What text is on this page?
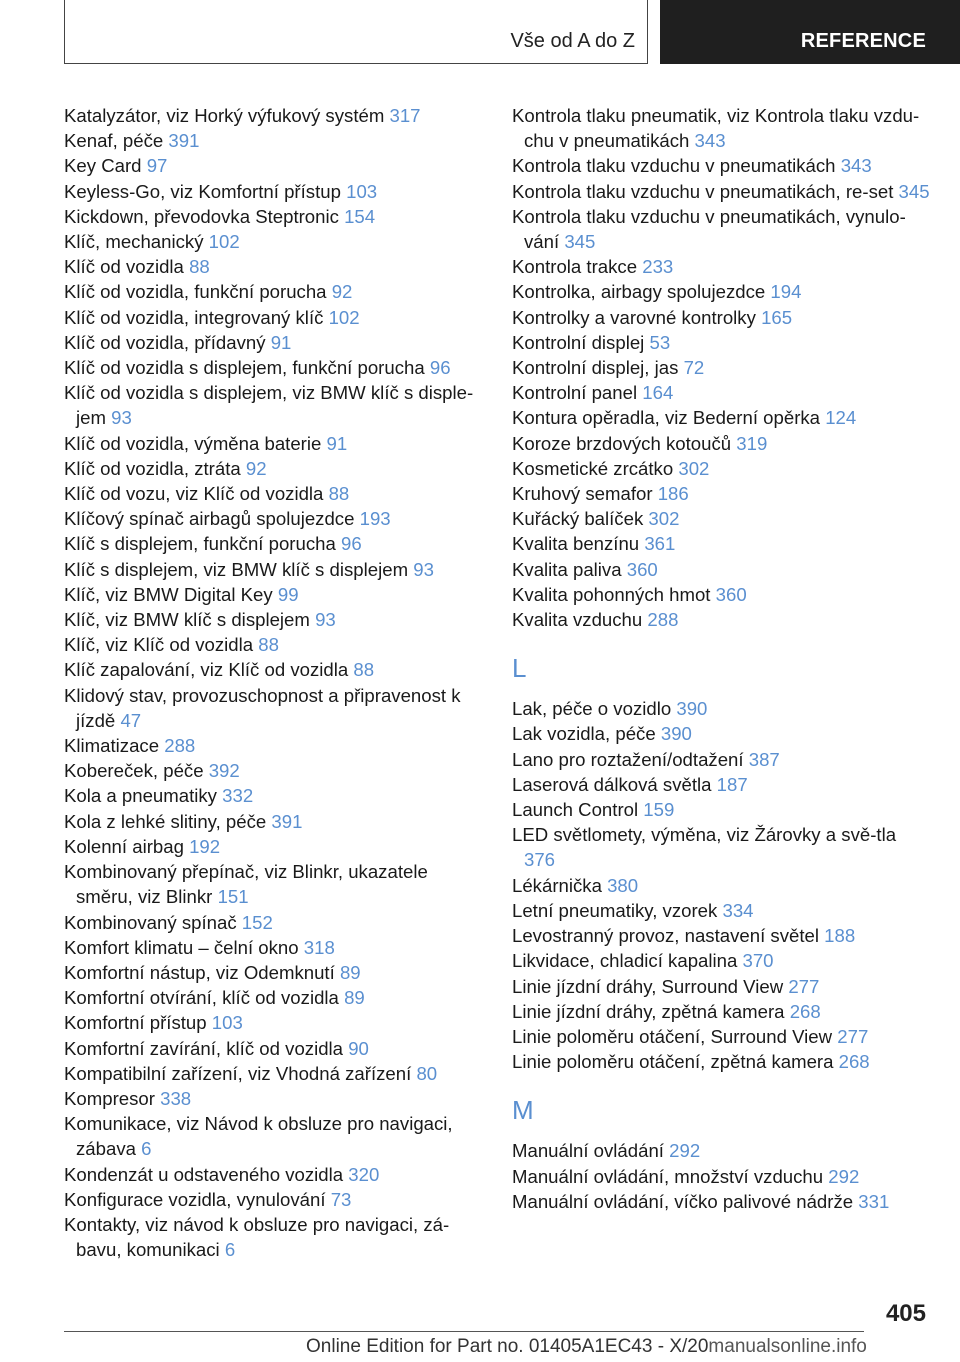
Vše od A do Z	REFERENCE
Katalyzátor, viz Horký výfukový systém 317
Kenaf, péče 391
Key Card 97
Keyless-Go, viz Komfortní přístup 103
Kickdown, převodovka Steptronic 154
Klíč, mechanický 102
Klíč od vozidla 88
Klíč od vozidla, funkční porucha 92
Klíč od vozidla, integrovaný klíč 102
Klíč od vozidla, přídavný 91
Klíč od vozidla s displejem, funkční porucha 96
Klíč od vozidla s displejem, viz BMW klíč s disple‐jem 93
Klíč od vozidla, výměna baterie 91
Klíč od vozidla, ztráta 92
Klíč od vozu, viz Klíč od vozidla 88
Klíčový spínač airbagů spolujezdce 193
Klíč s displejem, funkční porucha 96
Klíč s displejem, viz BMW klíč s displejem 93
Klíč, viz BMW Digital Key 99
Klíč, viz BMW klíč s displejem 93
Klíč, viz Klíč od vozidla 88
Klíč zapalování, viz Klíč od vozidla 88
Klidový stav, provozuschopnost a připravenost k jízdě 47
Klimatizace 288
Kobereček, péče 392
Kola a pneumatiky 332
Kola z lehké slitiny, péče 391
Kolenní airbag 192
Kombinovaný přepínač, viz Blinkr, ukazatele směru, viz Blinkr 151
Kombinovaný spínač 152
Komfort klimatu – čelní okno 318
Komfortní nástup, viz Odemknutí 89
Komfortní otvírání, klíč od vozidla 89
Komfortní přístup 103
Komfortní zavírání, klíč od vozidla 90
Kompatibilní zařízení, viz Vhodná zařízení 80
Kompresor 338
Komunikace, viz Návod k obsluze pro navigaci, zábava 6
Kondenzát u odstaveného vozidla 320
Konfigurace vozidla, vynulování 73
Kontakty, viz návod k obsluze pro navigaci, zá‐bavu, komunikaci 6
Kontrola tlaku pneumatik, viz Kontrola tlaku vzdu‐chu v pneumatikách 343
Kontrola tlaku vzduchu v pneumatikách 343
Kontrola tlaku vzduchu v pneumatikách, re‐set 345
Kontrola tlaku vzduchu v pneumatikách, vynulo‐vání 345
Kontrola trakce 233
Kontrolka, airbagy spolujezdce 194
Kontrolky a varovné kontrolky 165
Kontrolní displej 53
Kontrolní displej, jas 72
Kontrolní panel 164
Kontura opěradla, viz Bederní opěrka 124
Koroze brzdových kotoučů 319
Kosmetické zrcátko 302
Kruhový semafor 186
Kuřácký balíček 302
Kvalita benzínu 361
Kvalita paliva 360
Kvalita pohonných hmot 360
Kvalita vzduchu 288
L
Lak, péče o vozidlo 390
Lak vozidla, péče 390
Lano pro roztažení/odtažení 387
Laserová dálková světla 187
Launch Control 159
LED světlomety, výměna, viz Žárovky a svě‐tla 376
Lékárnička 380
Letní pneumatiky, vzorek 334
Levostranný provoz, nastavení světel 188
Likvidace, chladicí kapalina 370
Linie jízdní dráhy, Surround View 277
Linie jízdní dráhy, zpětná kamera 268
Linie poloměru otáčení, Surround View 277
Linie poloměru otáčení, zpětná kamera 268
M
Manuální ovládání 292
Manuální ovládání, množství vzduchu 292
Manuální ovládání, víčko palivové nádrže 331
405
Online Edition for Part no. 01405A1EC43 - X/20manualsonline.info
